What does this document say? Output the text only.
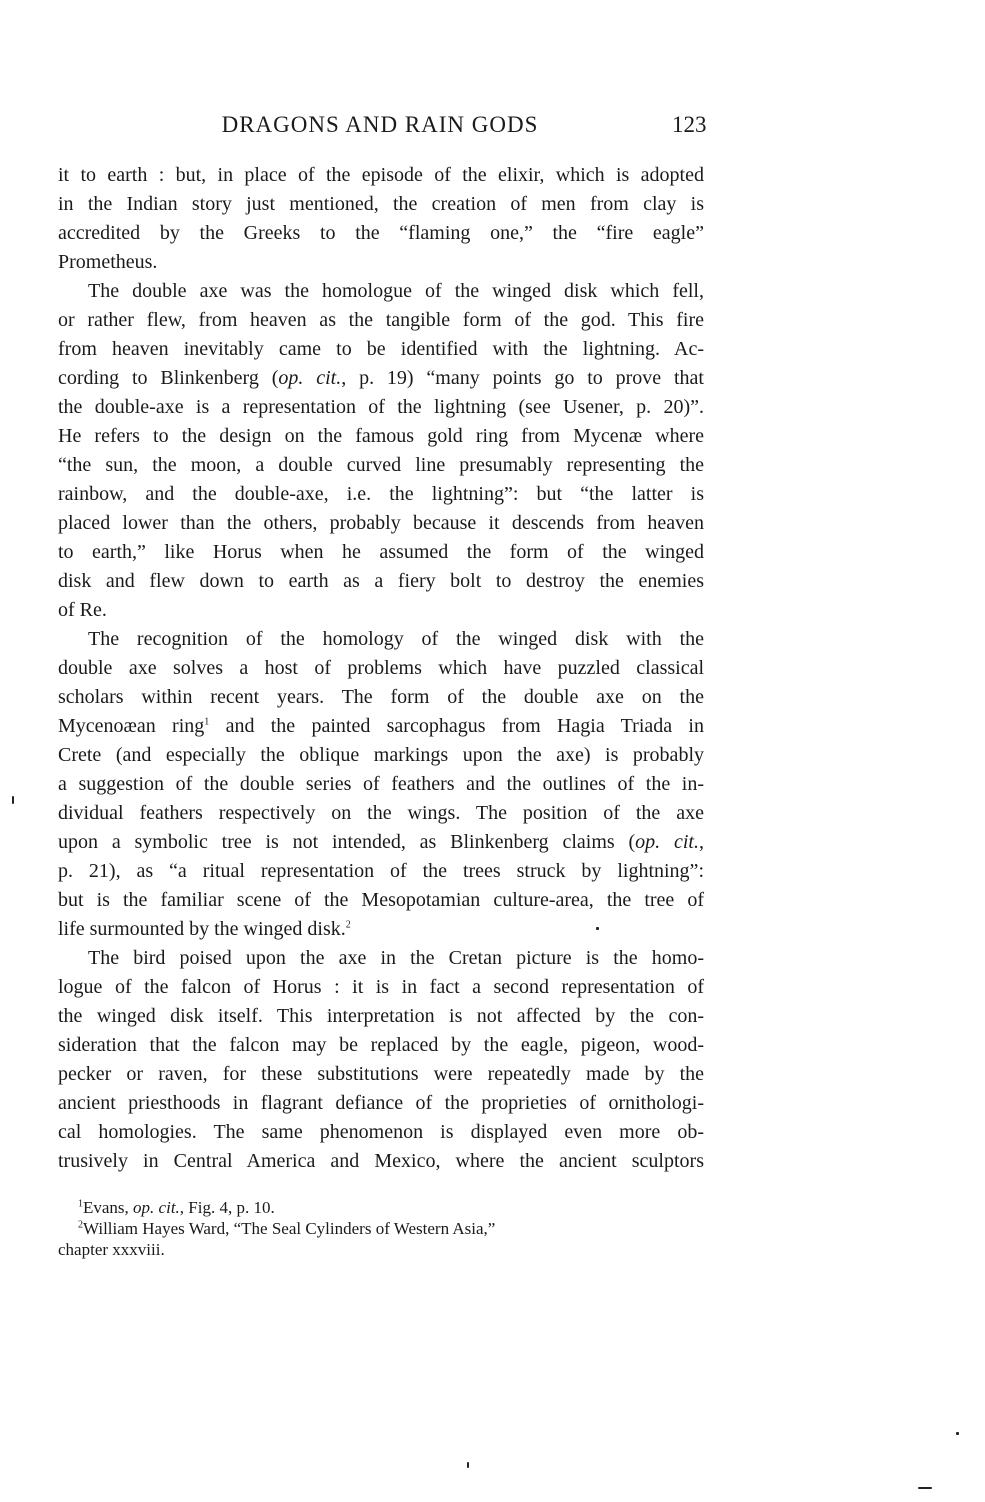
DRAGONS AND RAIN GODS	123

it to earth : but, in place of the episode of the elixir, which is adopted
in the Indian story just mentioned, the creation of men from clay is
accredited by the Greeks to the “flaming one,” the “fire eagle”
Prometheus.

The double axe was the homologue of the winged disk which fell,
or rather flew, from heaven as the tangible form of the god. This fire
from heaven inevitably came to be identified with the lightning. Ac-
cording to Blinkenberg (op. cit., p. 19) “many points go to prove that
the double-axe is a representation of the lightning (see Usener, p. 20)”.
He refers to the design on the famous gold ring from Mycenæ where
“the sun, the moon, a double curved line presumably representing the
rainbow, and the double-axe, i.e. the lightning”: but “the latter is
placed lower than the others, probably because it descends from heaven
to earth,” like Horus when he assumed the form of the winged
disk and flew down to earth as a fiery bolt to destroy the enemies
of Re.

The recognition of the homology of the winged disk with the
double axe solves a host of problems which have puzzled classical
scholars within recent years. The form of the double axe on the
Mycenoæan ring$^1$ and the painted sarcophagus from Hagia Triada in
Crete (and especially the oblique markings upon the axe) is probably
a suggestion of the double series of feathers and the outlines of the in-
dividual feathers respectively on the wings. The position of the axe
upon a symbolic tree is not intended, as Blinkenberg claims (op. cit.,
p. 21), as “a ritual representation of the trees struck by lightning”:
but is the familiar scene of the Mesopotamian culture-area, the tree of
life surmounted by the winged disk.$^2$

The bird poised upon the axe in the Cretan picture is the homo-
logue of the falcon of Horus : it is in fact a second representation of
the winged disk itself. This interpretation is not affected by the con-
sideration that the falcon may be replaced by the eagle, pigeon, wood-
pecker or raven, for these substitutions were repeatedly made by the
ancient priesthoods in flagrant defiance of the proprieties of ornithologi-
cal homologies. The same phenomenon is displayed even more ob-
trusively in Central America and Mexico, where the ancient sculptors

$^1$Evans, op. cit., Fig. 4, p. 10.

$^2$William Hayes Ward, “The Seal Cylinders of Western Asia,”
chapter xxxviii.
